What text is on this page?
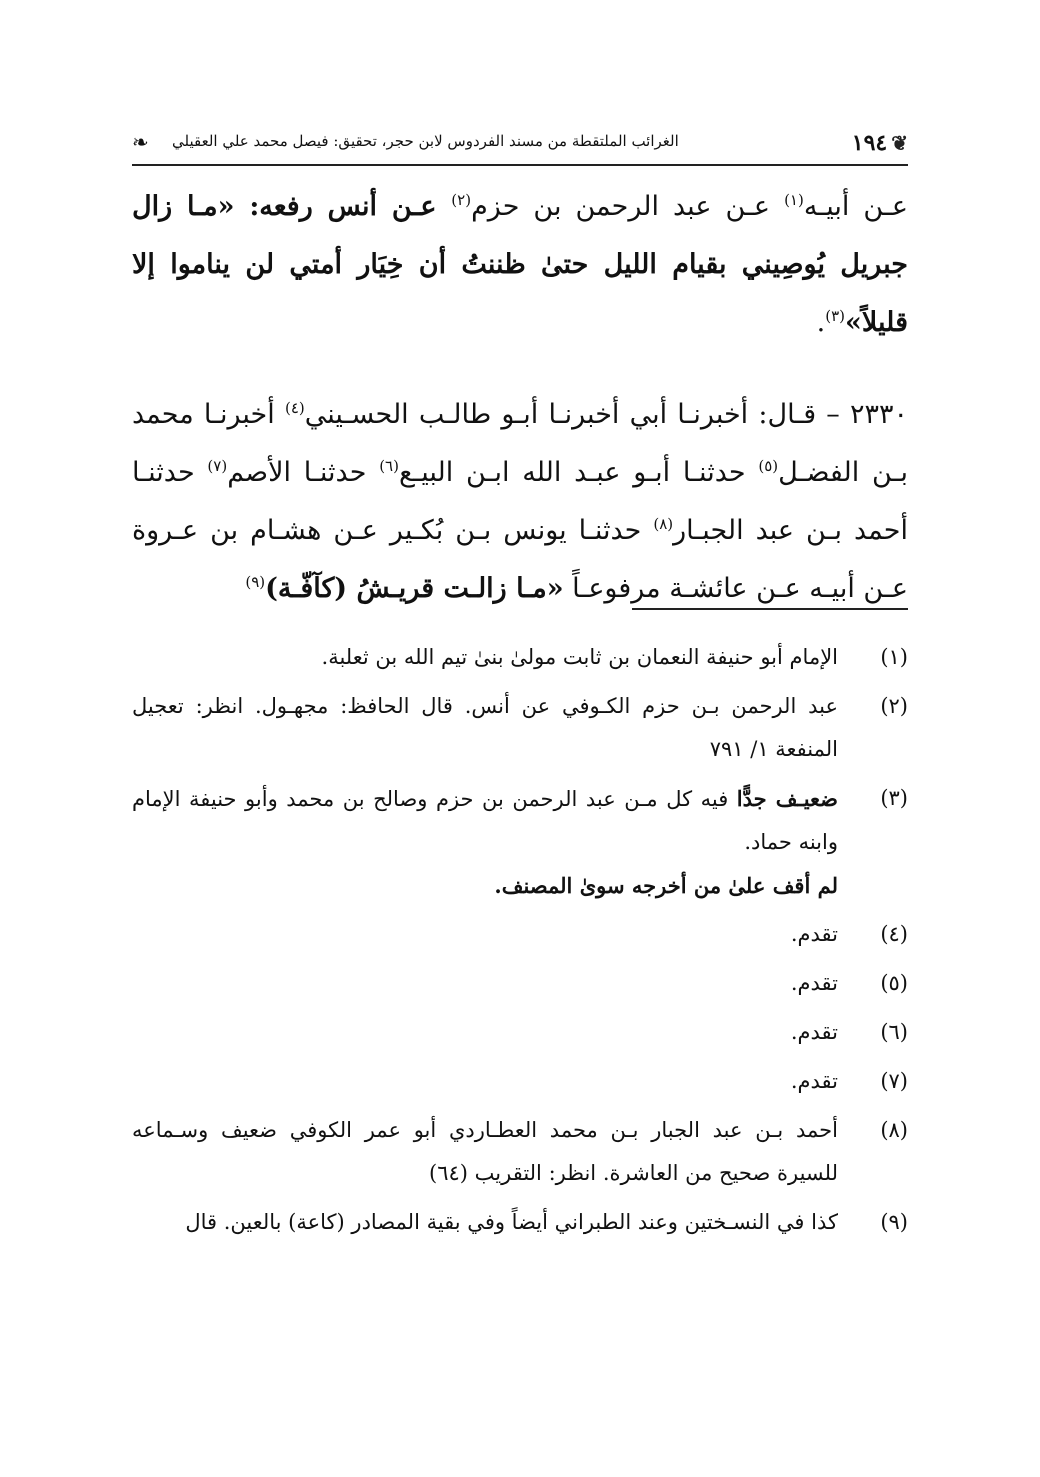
❦
١٩٤
الغرائب الملتقطة من مسند الفردوس لابن حجر، تحقيق: فيصل محمد علي العقيلي
❧

عـن أبيـه$^{(١)}$ عـن عبد الرحمن بن حزم$^{(٢)}$ عـن أنس رفعه: «مـا زال جبريل يُوصِيني بقيام الليل حتىٰ ظننتُ أن خِيَار أمتي لن يناموا إلا قليلاً»$^{(٣)}$.

٢٣٣٠ – قـال: أخبرنـا أبي أخبرنـا أبـو طالـب الحسـيني$^{(٤)}$ أخبرنـا محمد بـن الفضـل$^{(٥)}$ حدثنـا أبـو عبـد الله ابـن البيـع$^{(٦)}$ حدثنـا الأصم$^{(٧)}$ حدثنـا أحمد بـن عبد الجبـار$^{(٨)}$ حدثنـا يونس بـن بُكـير عـن هشـام بن عـروة عـن أبيـه عـن عائشـة مرفوعـاً «مـا زالـت قريـشُ (كآفّـة)$^{(٩)}$

(١)
الإمام أبو حنيفة النعمان بن ثابت مولىٰ بنىٰ تيم الله بن ثعلبة.
(٢)
عبد الرحمن بـن حزم الكـوفي عن أنس. قال الحافظ: مجهـول. انظر: تعجيل المنفعة ١/ ٧٩١
(٣)
ضعيـف جدًّا فيه كل مـن عبد الرحمن بن حزم وصالح بن محمد وأبو حنيفة الإمام وابنه حماد.
لم أقف علىٰ من أخرجه سوىٰ المصنف.
(٤)
تقدم.
(٥)
تقدم.
(٦)
تقدم.
(٧)
تقدم.
(٨)
أحمد بـن عبد الجبار بـن محمد العطـاردي أبو عمر الكوفي ضعيف وسـماعه للسيرة صحيح من العاشرة. انظر: التقريب (٦٤)
(٩)
كذا في النسـختين وعند الطبراني أيضاً وفي بقية المصادر (كاعة) بالعين. قال
